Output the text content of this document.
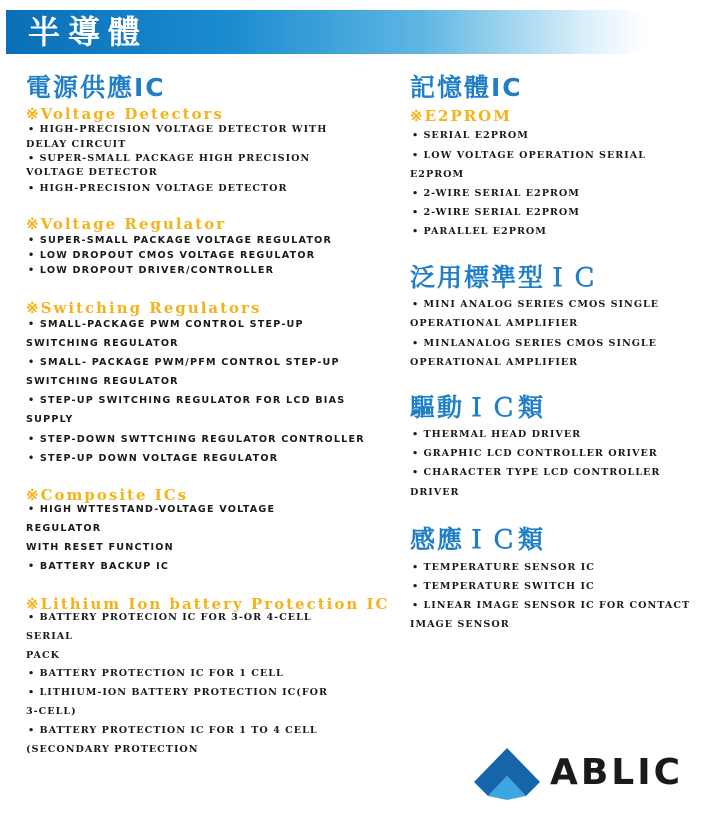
半導體
電源供應IC
※Voltage Detectors
• HIGH-PRECISION VOLTAGE DETECTOR WITH
DELAY CIRCUIT
• SUPER-SMALL PACKAGE HIGH PRECISION
VOLTAGE DETECTOR
• HIGH-PRECISION VOLTAGE DETECTOR
※Voltage Regulator
• SUPER-SMALL PACKAGE VOLTAGE REGULATOR
• LOW DROPOUT CMOS VOLTAGE REGULATOR
• LOW DROPOUT DRIVER/CONTROLLER
※Switching Regulators
• SMALL-PACKAGE PWM CONTROL STEP-UP
SWITCHING REGULATOR
• SMALL- PACKAGE PWM/PFM CONTROL STEP-UP
SWITCHING REGULATOR
• STEP-UP SWITCHING REGULATOR FOR LCD BIAS
SUPPLY
• STEP-DOWN SWTTCHING REGULATOR CONTROLLER
• STEP-UP DOWN VOLTAGE REGULATOR
※Composite ICs
• HIGH WTTESTAND-VOLTAGE VOLTAGE
REGULATOR
WITH RESET FUNCTION
• BATTERY BACKUP IC
※Lithium Ion battery Protection IC
• BATTERY PROTECION IC FOR 3-OR 4-CELL
SERIAL
PACK
• BATTERY PROTECTION IC FOR 1 CELL
• LITHIUM-ION BATTERY PROTECTION IC(FOR
3-CELL)
• BATTERY PROTECTION IC FOR 1 TO 4 CELL
(SECONDARY PROTECTION
記憶體IC
※E2PROM
• SERIAL E2PROM
• LOW VOLTAGE OPERATION SERIAL
E2PROM
• 2-WIRE SERIAL E2PROM
• 2-WIRE SERIAL E2PROM
• PARALLEL E2PROM
泛用標準型ＩＣ
• MINI ANALOG SERIES CMOS SINGLE
OPERATIONAL AMPLIFIER
• MINLANALOG SERIES CMOS SINGLE
OPERATIONAL AMPLIFIER
驅動ＩＣ類
• THERMAL HEAD DRIVER
• GRAPHIC LCD CONTROLLER ORIVER
• CHARACTER TYPE LCD CONTROLLER
DRIVER
感應ＩＣ類
• TEMPERATURE SENSOR IC
• TEMPERATURE SWITCH IC
• LINEAR IMAGE SENSOR IC FOR CONTACT
IMAGE SENSOR
ABLIC
